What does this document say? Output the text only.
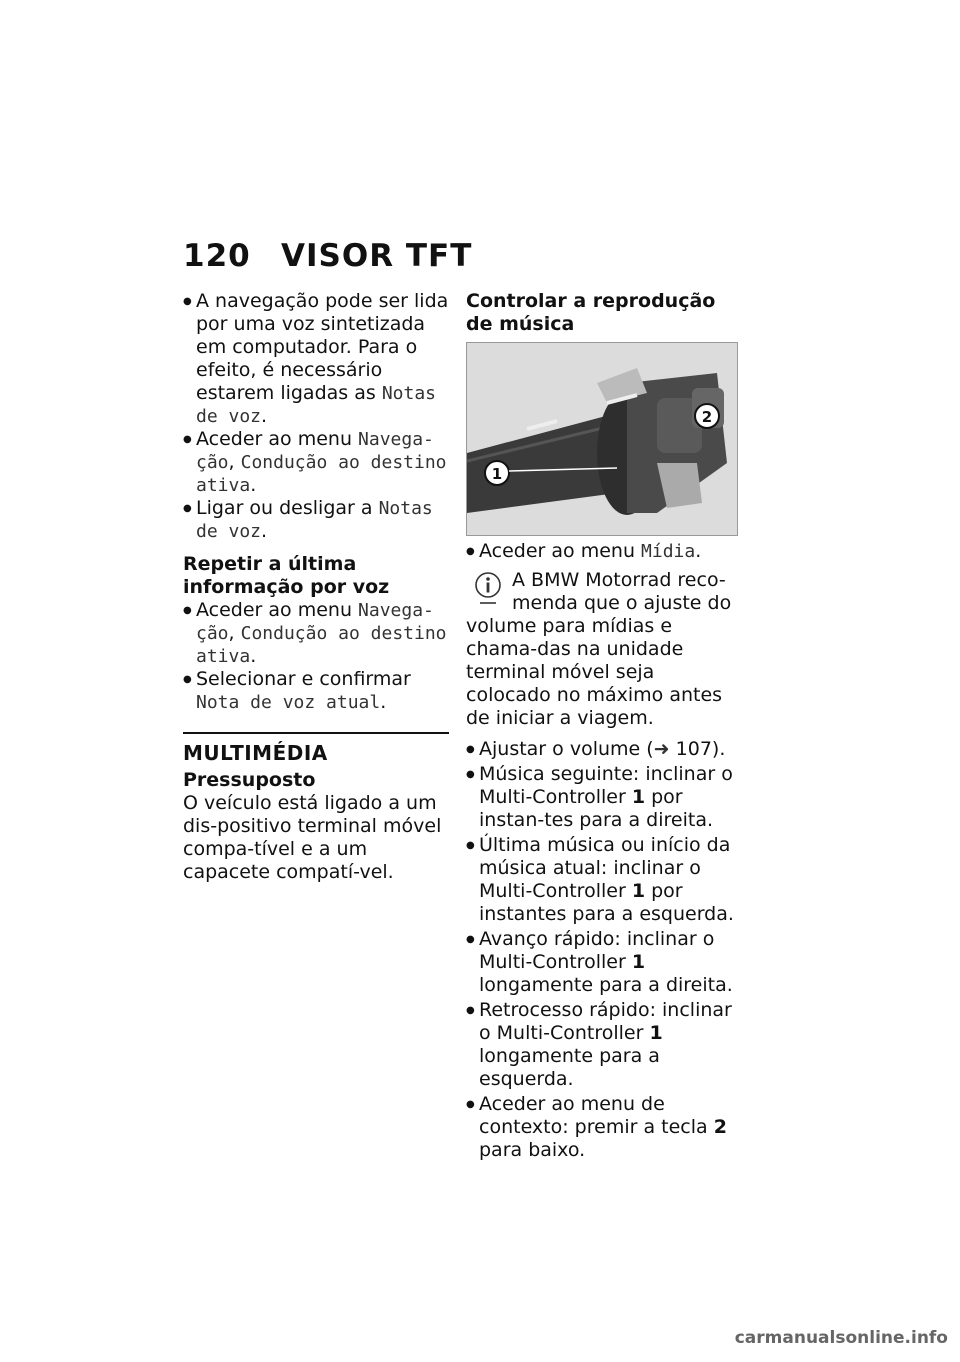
120 VISOR TFT
● A navegação pode ser lida por uma voz sintetizada em computador. Para o efeito, é necessário estarem ligadas as Notas de voz.
● Aceder ao menu Navega-ção, Condução ao destino ativa.
● Ligar ou desligar a Notas de voz.
Repetir a última informação por voz
● Aceder ao menu Navega-ção, Condução ao destino ativa.
● Selecionar e confirmar Nota de voz atual.
MULTIMÉDIA
Pressuposto

O veículo está ligado a um dis-positivo terminal móvel compa-tível e a um capacete compatí-vel.

Controlar a reprodução de música
1
2
● Aceder ao menu Mídia.
A BMW Motorrad reco-menda que o ajuste do volume para mídias e chama-das na unidade terminal móvel seja colocado no máximo antes de iniciar a viagem.
● Ajustar o volume (➜ 107).
● Música seguinte: inclinar o Multi-Controller 1 por instan-tes para a direita.
● Última música ou início da música atual: inclinar o Multi-Controller 1 por instantes para a esquerda.
● Avanço rápido: inclinar o Multi-Controller 1 longamente para a direita.
● Retrocesso rápido: inclinar o Multi-Controller 1 longamente para a esquerda.
● Aceder ao menu de contexto: premir a tecla 2 para baixo.
carmanualsonline.info
